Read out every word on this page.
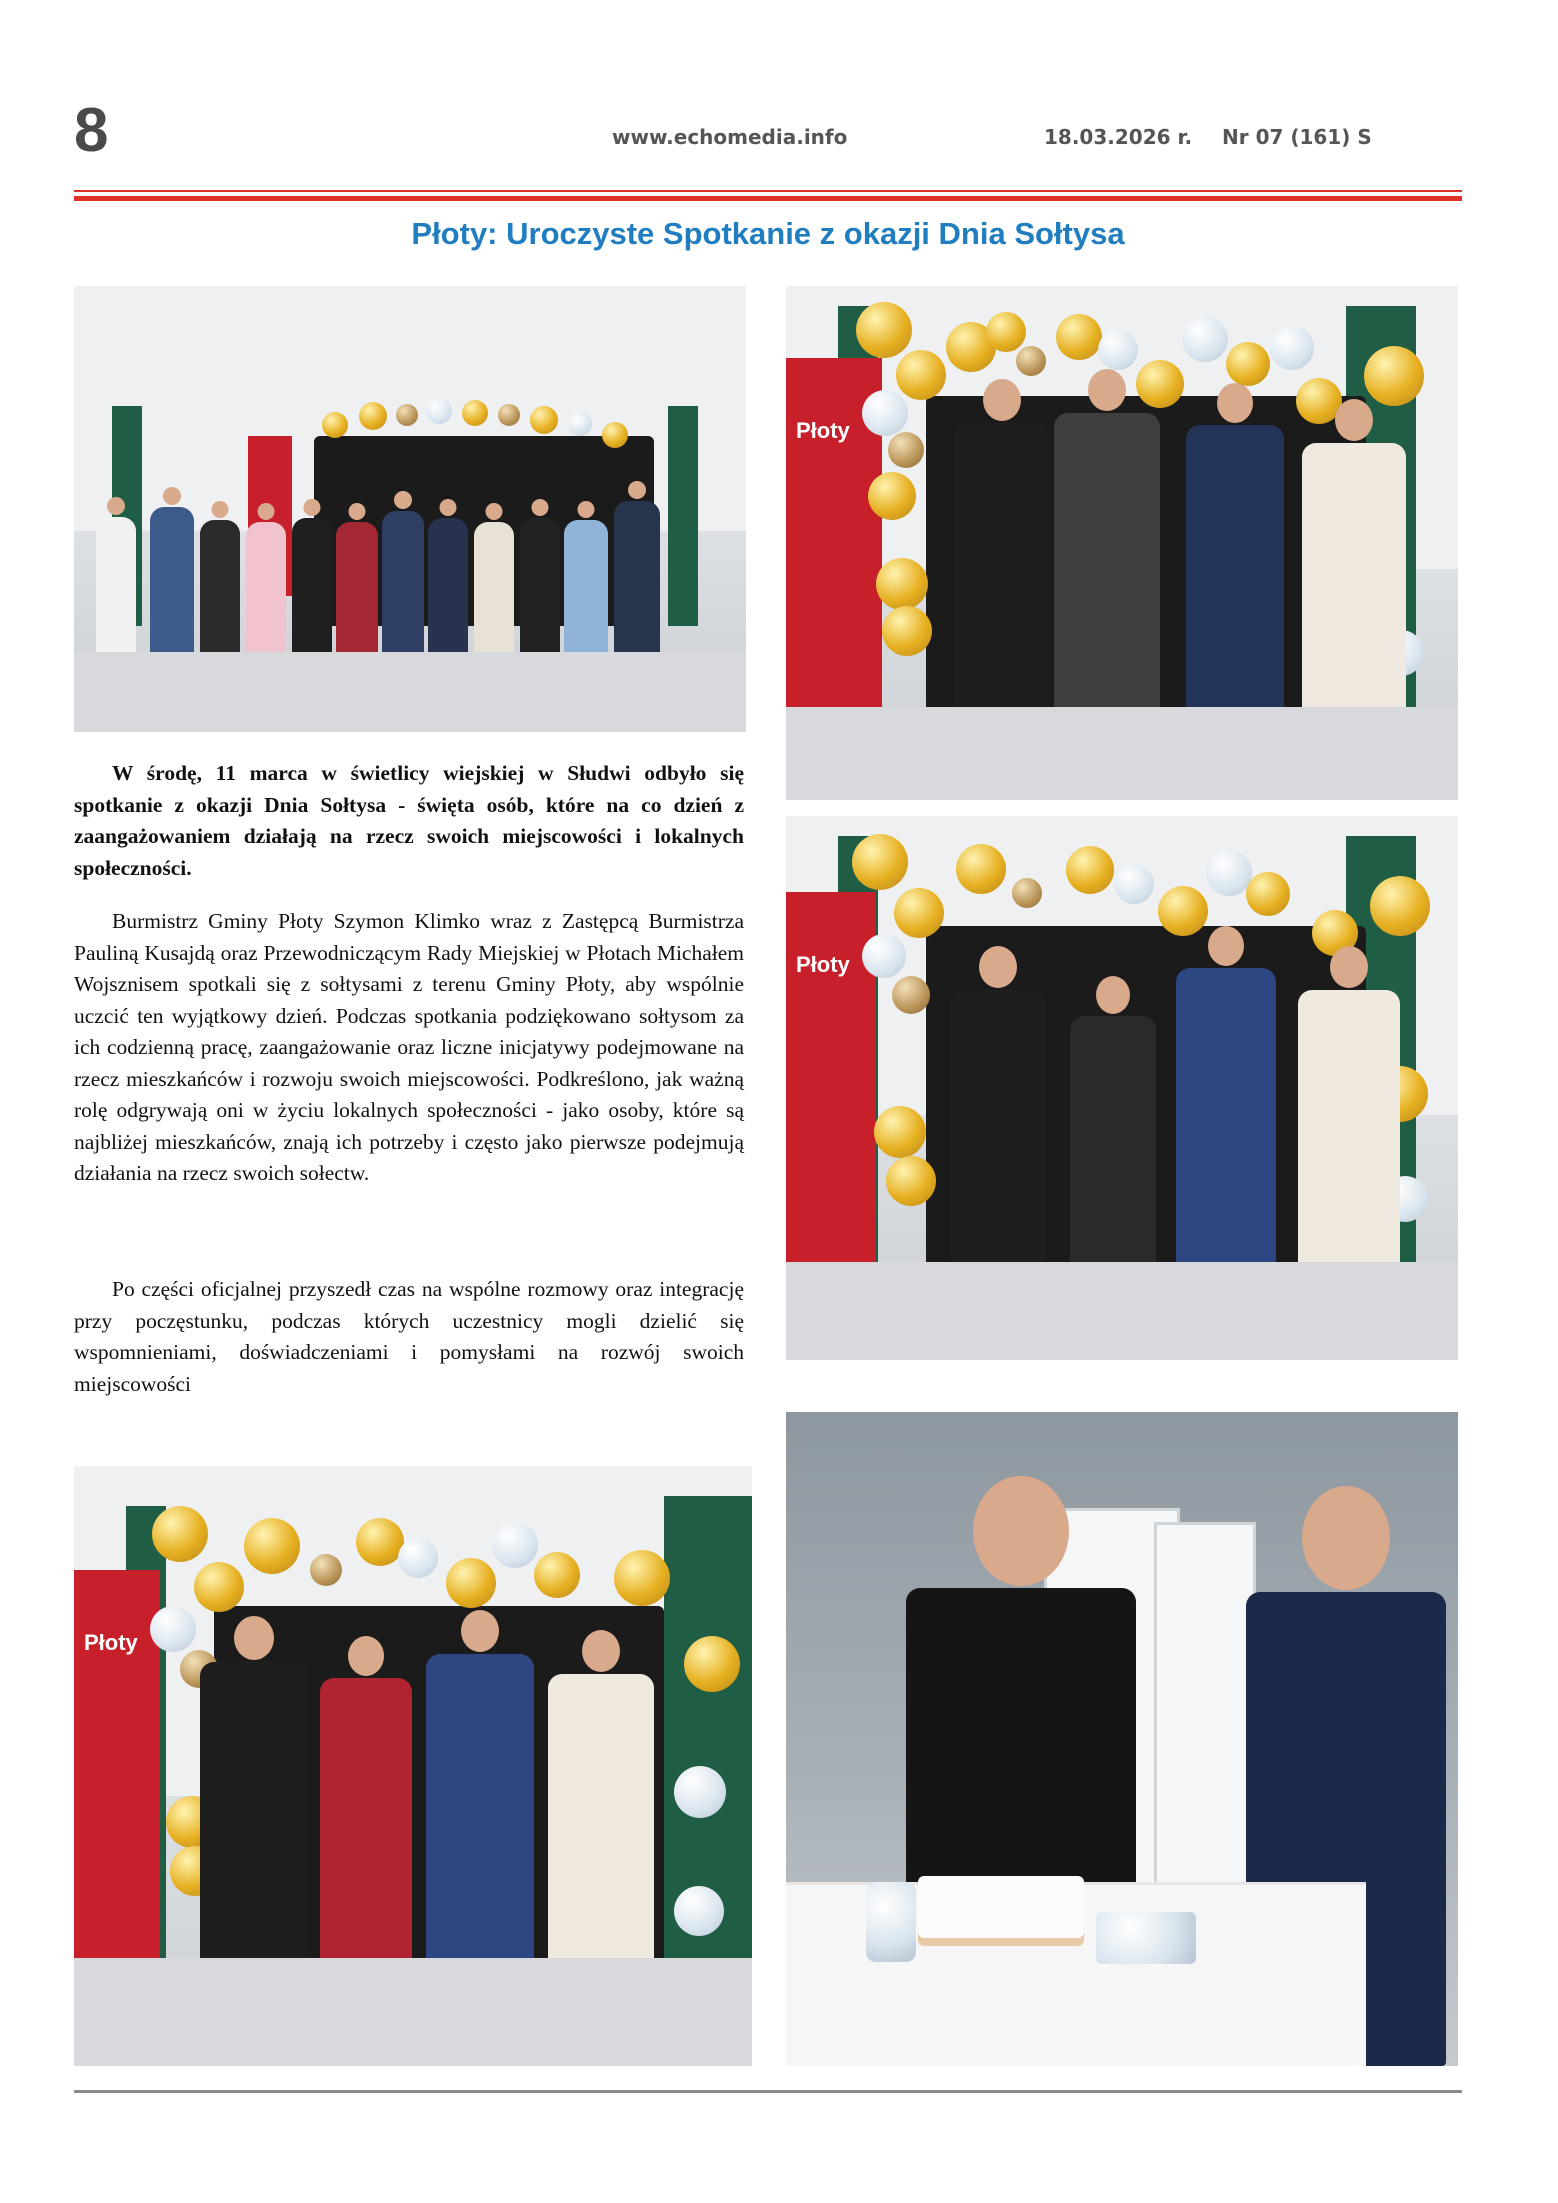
8	www.echomedia.info	18.03.2026 r. Nr 07 (161) S
Płoty: Uroczyste Spotkanie z okazji Dnia Sołtysa
Płoty
Płoty

W środę, 11 marca w świetlicy wiejskiej w Słudwi odbyło się spotkanie z okazji Dnia Sołtysa - święta osób, które na co dzień z zaangażowaniem działają na rzecz swoich miejscowości i lokalnych społeczności.

Burmistrz Gminy Płoty Szymon Klimko wraz z Zastępcą Burmistrza Pauliną Kusajdą oraz Przewodniczącym Rady Miejskiej w Płotach Michałem Wojsznisem spotkali się z sołtysami z terenu Gminy Płoty, aby wspólnie uczcić ten wyjątkowy dzień. Podczas spotkania podziękowano sołtysom za ich codzienną pracę, zaangażowanie oraz liczne inicjatywy podejmowane na rzecz mieszkańców i rozwoju swoich miejscowości. Podkreślono, jak ważną rolę odgrywają oni w życiu lokalnych społeczności - jako osoby, które są najbliżej mieszkańców, znają ich potrzeby i często jako pierwsze podejmują działania na rzecz swoich sołectw.

Po części oficjalnej przyszedł czas na wspólne rozmowy oraz integrację przy poczęstunku, podczas których uczestnicy mogli dzielić się wspomnieniami, doświadczeniami i pomysłami na rozwój swoich miejscowości

Płoty
